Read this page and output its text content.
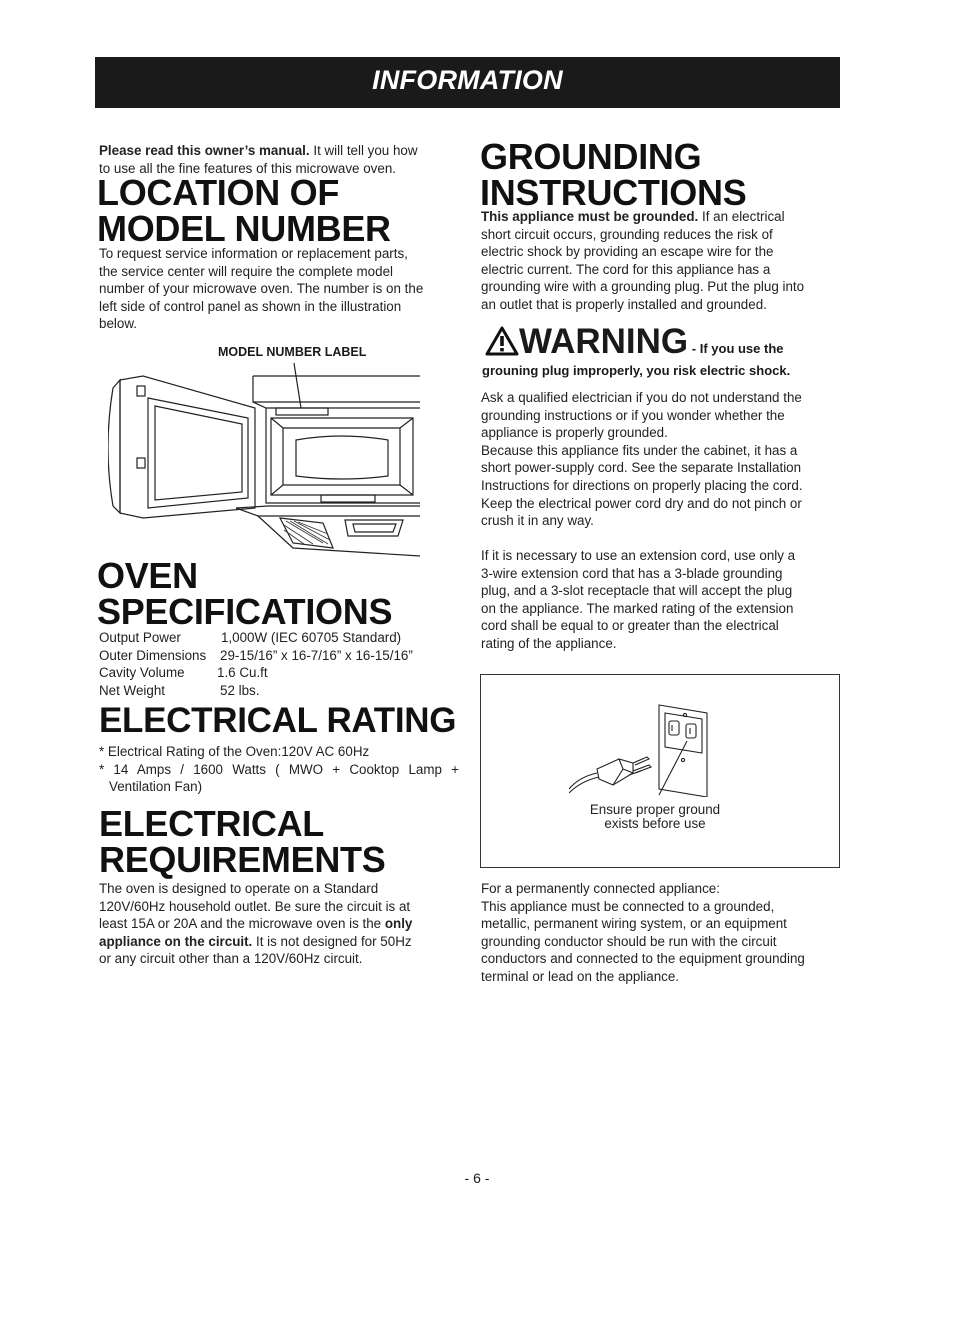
INFORMATION
Please read this owner’s manual. It will tell you how
to use all the fine features of this microwave oven.
LOCATION OF
MODEL NUMBER
To request service information or replacement parts,
the service center will require the complete model
number of your microwave oven. The number is on the
left side of control panel as shown in the illustration
below.
MODEL NUMBER LABEL
OVEN
SPECIFICATIONS
Output Power	1,000W (IEC 60705 Standard)
Outer Dimensions 29-15/16” x 16-7/16” x 16-15/16”
Cavity Volume 1.6 Cu.ft
Net Weight	52 lbs.
ELECTRICAL RATING
* Electrical Rating of the Oven:120V AC 60Hz
* 14 Amps / 1600 Watts ( MWO + Cooktop Lamp +
Ventilation Fan)
ELECTRICAL
REQUIREMENTS
The oven is designed to operate on a Standard
120V/60Hz household outlet. Be sure the circuit is at
least 15A or 20A and the microwave oven is the only
appliance on the circuit. It is not designed for 50Hz
or any circuit other than a 120V/60Hz circuit.
GROUNDING
INSTRUCTIONS
This appliance must be grounded. If an electrical
short circuit occurs, grounding reduces the risk of
electric shock by providing an escape wire for the
electric current. The cord for this appliance has a
grounding wire with a grounding plug. Put the plug into
an outlet that is properly installed and grounded.
WARNING - If you use the
grouning plug improperly, you risk electric shock.
Ask a qualified electrician if you do not understand the
grounding instructions or if you wonder whether the
appliance is properly grounded.
Because this appliance fits under the cabinet, it has a
short power-supply cord. See the separate Installation
Instructions for directions on properly placing the cord.
Keep the electrical power cord dry and do not pinch or
crush it in any way.
If it is necessary to use an extension cord, use only a
3-wire extension cord that has a 3-blade grounding
plug, and a 3-slot receptacle that will accept the plug
on the appliance. The marked rating of the extension
cord shall be equal to or greater than the electrical
rating of the appliance.
Ensure proper ground
exists before use
For a permanently connected appliance:
This appliance must be connected to a grounded,
metallic, permanent wiring system, or an equipment
grounding conductor should be run with the circuit
conductors and connected to the equipment grounding
terminal or lead on the appliance.
- 6 -
